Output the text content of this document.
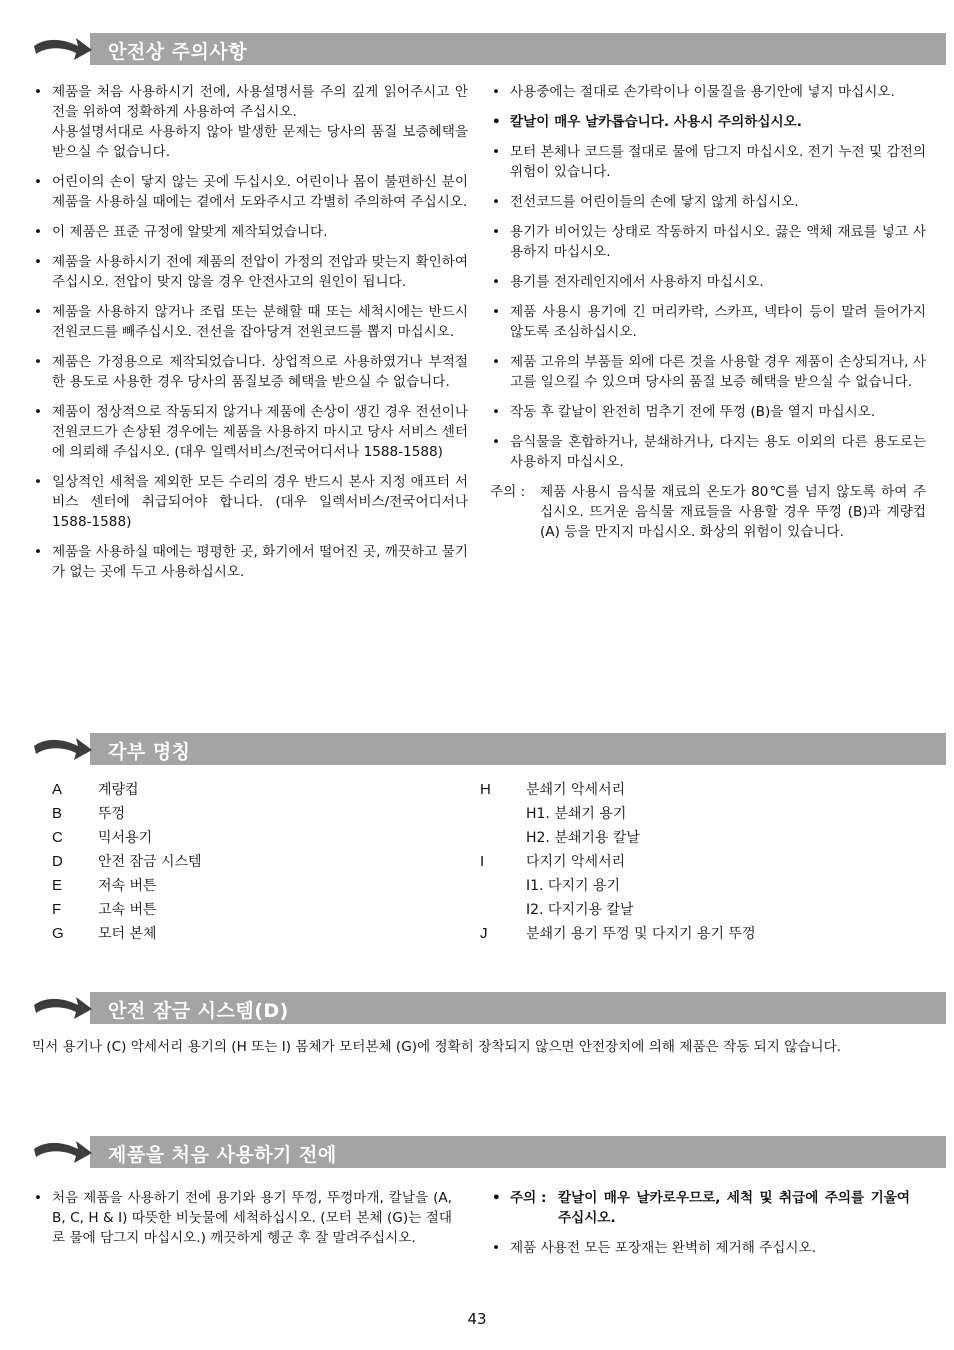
안전상 주의사항
• 제품을 처음 사용하시기 전에, 사용설명서를 주의 깊게 읽어주시고 안전을 위하여 정확하게 사용하여 주십시오.
사용설명서대로 사용하지 않아 발생한 문제는 당사의 품질 보증혜택을 받으실 수 없습니다.
• 어린이의 손이 닿지 않는 곳에 두십시오. 어린이나 몸이 불편하신 분이 제품을 사용하실 때에는 곁에서 도와주시고 각별히 주의하여 주십시오.
• 이 제품은 표준 규정에 알맞게 제작되었습니다.
• 제품을 사용하시기 전에 제품의 전압이 가정의 전압과 맞는지 확인하여 주십시오. 전압이 맞지 않을 경우 안전사고의 원인이 됩니다.
• 제품을 사용하지 않거나 조립 또는 분해할 때 또는 세척시에는 반드시 전원코드를 빼주십시오. 전선을 잡아당겨 전원코드를 뽑지 마십시오.
• 제품은 가정용으로 제작되었습니다. 상업적으로 사용하였거나 부적절한 용도로 사용한 경우 당사의 품질보증 혜택을 받으실 수 없습니다.
• 제품이 정상적으로 작동되지 않거나 제품에 손상이 생긴 경우 전선이나 전원코드가 손상된 경우에는 제품을 사용하지 마시고 당사 서비스 센터에 의뢰해 주십시오. (대우 일렉서비스/전국어디서나 1588-1588)
• 일상적인 세척을 제외한 모든 수리의 경우 반드시 본사 지정 애프터 서비스 센터에 취급되어야 합니다. (대우 일렉서비스/전국어디서나 1588-1588)
• 제품을 사용하실 때에는 평평한 곳, 화기에서 떨어진 곳, 깨끗하고 물기가 없는 곳에 두고 사용하십시오.
• 사용중에는 절대로 손가락이나 이물질을 용기안에 넣지 마십시오.
• 칼날이 매우 날카롭습니다. 사용시 주의하십시오.
• 모터 본체나 코드를 절대로 물에 담그지 마십시오. 전기 누전 및 감전의 위험이 있습니다.
• 전선코드를 어린이들의 손에 닿지 않게 하십시오.
• 용기가 비어있는 상태로 작동하지 마십시오. 끓은 액체 재료를 넣고 사용하지 마십시오.
• 용기를 전자레인지에서 사용하지 마십시오.
• 제품 사용시 용기에 긴 머리카락, 스카프, 넥타이 등이 말려 들어가지 않도록 조심하십시오.
• 제품 고유의 부품들 외에 다른 것을 사용할 경우 제품이 손상되거나, 사고를 일으킬 수 있으며 당사의 품질 보증 혜택을 받으실 수 없습니다.
• 작동 후 칼날이 완전히 멈추기 전에 뚜껑 (B)을 열지 마십시오.
• 음식물을 혼합하거나, 분쇄하거나, 다지는 용도 이외의 다른 용도로는 사용하지 마십시오.
주의 : 제품 사용시 음식물 재료의 온도가 80℃를 넘지 않도록 하여 주십시오. 뜨거운 음식물 재료들을 사용할 경우 뚜껑 (B)과 계량컵(A) 등을 만지지 마십시오. 화상의 위험이 있습니다.
각부 명칭
A	계량컵
B	뚜껑
C	믹서용기
D	안전 잠금 시스템
E	저속 버튼
F	고속 버튼
G	모터 본체
H	분쇄기 악세서리
H1. 분쇄기 용기
H2. 분쇄기용 칼날
I	다지기 악세서리
I1. 다지기 용기
I2. 다지기용 칼날
J	분쇄기 용기 뚜껑 및 다지기 용기 뚜껑
안전 잠금 시스템(D)
믹서 용기나 (C) 악세서리 용기의 (H 또는 I) 몸체가 모터본체 (G)에 정확히 장착되지 않으면 안전장치에 의해 제품은 작동 되지 않습니다.
제품을 처음 사용하기 전에
• 처음 제품을 사용하기 전에 용기와 용기 뚜껑, 뚜껑마개, 칼날을 (A, B, C, H & I) 따뜻한 비눗물에 세척하십시오. (모터 본체 (G)는 절대로 물에 담그지 마십시오.) 깨끗하게 헹군 후 잘 말려주십시오.
• 주의 : 칼날이 매우 날카로우므로, 세척 및 취급에 주의를 기울여 주십시오.
• 제품 사용전 모든 포장재는 완벽히 제거해 주십시오.
43
